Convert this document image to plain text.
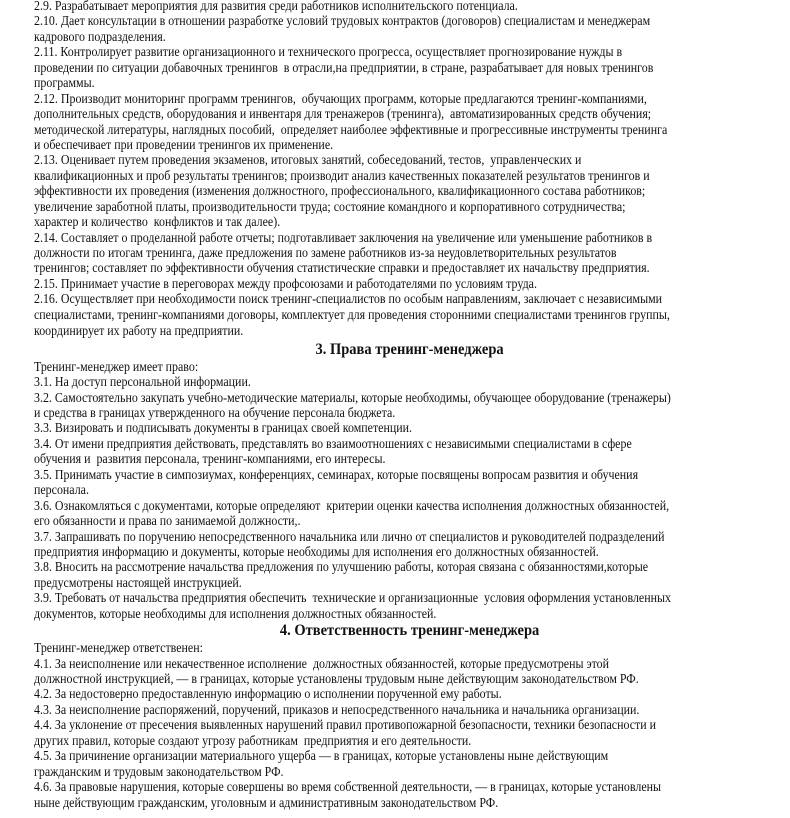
2.9. Разрабатывает мероприятия для развития среди работников исполнительского потенциала.
2.10. Дает консультации в отношении разработке условий трудовых контрактов (договоров) специалистам и менеджерам
кадрового подразделения.
2.11. Контролирует развитие организационного и технического прогресса, осуществляет прогнозирование нужды в
проведении по ситуации добавочных тренингов  в отрасли,на предприятии, в стране, разрабатывает для новых тренингов
программы.
2.12. Производит мониторинг программ тренингов,  обучающих программ, которые предлагаются тренинг-компаниями,
дополнительных средств, оборудования и инвентаря для тренажеров (тренинга),  автоматизированных средств обучения;
методической литературы, наглядных пособий,  определяет наиболее эффективные и прогрессивные инструменты тренинга
и обеспечивает при проведении тренингов их применение.
2.13. Оценивает путем проведения экзаменов, итоговых занятий, собеседований, тестов,  управленческих и
квалификационных и проб результаты тренингов; производит анализ качественных показателей результатов тренингов и
эффективности их проведения (изменения должностного, профессионального, квалификационного состава работников;
увеличение заработной платы, производительности труда; состояние командного и корпоративного сотрудничества;
характер и количество  конфликтов и так далее).
2.14. Составляет о проделанной работе отчеты; подготавливает заключения на увеличение или уменьшение работников в
должности по итогам тренинга, даже предложения по замене работников из-за неудовлетворительных результатов
тренингов; составляет по эффективности обучения статистические справки и предоставляет их начальству предприятия.
2.15. Принимает участие в переговорах между профсоюзами и работодателями по условиям труда.
2.16. Осуществляет при необходимости поиск тренинг-специалистов по особым направлениям, заключает с независимыми
специалистами, тренинг-компаниями договоры, комплектует для проведения сторонними специалистами тренингов группы,
координирует их работу на предприятии.
3. Права тренинг-менеджера
Тренинг-менеджер имеет право:
3.1. На доступ персональной информации.
3.2. Самостоятельно закупать учебно-методические материалы, которые необходимы, обучающее оборудование (тренажеры)
и средства в границах утвержденного на обучение персонала бюджета.
3.3. Визировать и подписывать документы в границах своей компетенции.
3.4. От имени предприятия действовать, представлять во взаимоотношениях с независимыми специалистами в сфере
обучения и  развития персонала, тренинг-компаниями, его интересы.
3.5. Принимать участие в симпозиумах, конференциях, семинарах, которые посвящены вопросам развития и обучения
персонала.
3.6. Ознакомляться с документами, которые определяют  критерии оценки качества исполнения должностных обязанностей,
его обязанности и права по занимаемой должности,.
3.7. Запрашивать по поручению непосредственного начальника или лично от специалистов и руководителей подразделений
предприятия информацию и документы, которые необходимы для исполнения его должностных обязанностей.
3.8. Вносить на рассмотрение начальства предложения по улучшению работы, которая связана с обязанностями,которые
предусмотрены настоящей инструкцией.
3.9. Требовать от начальства предприятия обеспечить  технические и организационные  условия оформления установленных
документов, которые необходимы для исполнения должностных обязанностей.
4. Ответственность тренинг-менеджера
Тренинг-менеджер ответственен:
4.1. За неисполнение или некачественное исполнение  должностных обязанностей, которые предусмотрены этой
должностной инструкцией, — в границах, которые установлены трудовым ныне действующим законодательством РФ.
4.2. За недостоверно предоставленную информацию о исполнении порученной ему работы.
4.3. За неисполнение распоряжений, поручений, приказов и непосредственного начальника и начальника организации.
4.4. За уклонение от пресечения выявленных нарушений правил противопожарной безопасности, техники безопасности и
других правил, которые создают угрозу работникам  предприятия и его деятельности.
4.5. За причинение организации материального ущерба — в границах, которые установлены ныне действующим
гражданским и трудовым законодательством РФ.
4.6. За правовые нарушения, которые совершены во время собственной деятельности, — в границах, которые установлены
ныне действующим гражданским, уголовным и административным законодательством РФ.
